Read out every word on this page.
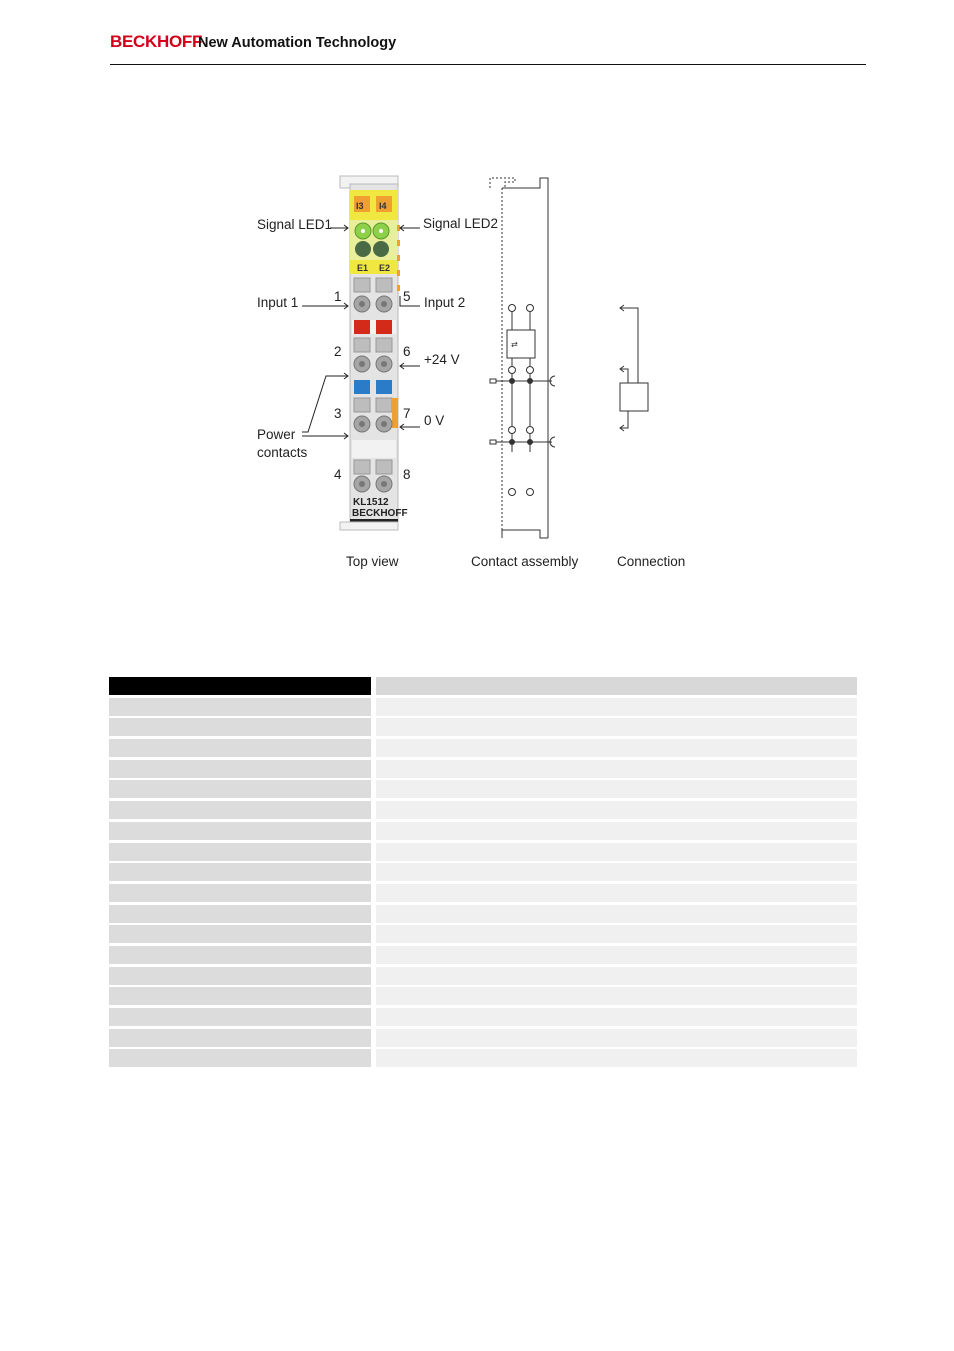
BECKHOFF
New Automation Technology
I3 I4
E1 E2
KL1512
BECKHOFF
Signal LED1	Signal LED2
Input 1	Input 2
+24 V
0 V
Power
contacts
1
2
3
4
5
6
7
8
⇄
Top view	Contact assembly	Connection
